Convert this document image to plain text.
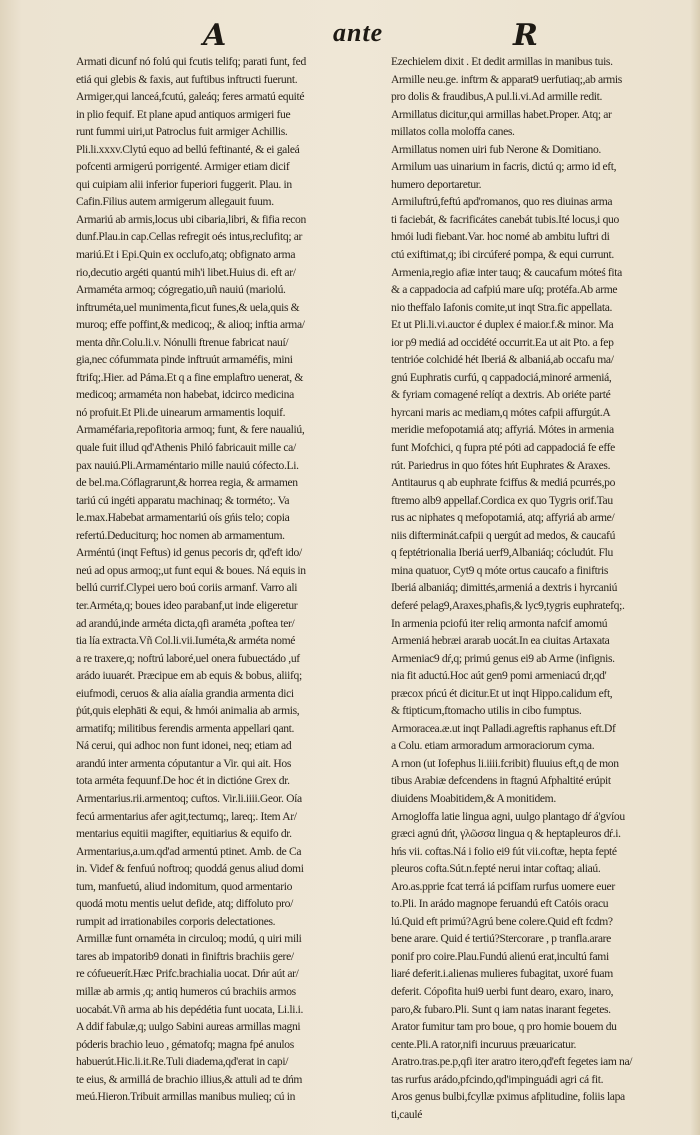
A	ante	R
Armati dicunf nó folú qui fcutis telifq; parati funt, fed
etiá qui glebis & faxis, aut fuftibus inftructi fuerunt.
Armiger,qui lanceá,fcutú, galeáq; feres armatú equité
in plio fequif. Et plane apud antiquos armigeri fue
runt fummi uiri,ut Patroclus fuit armiger Achillis.
Pli.li.xxxv.Clytú equo ad bellú feftinanté, & ei galeá
pofcenti armigerú porrigenté. Armiger etiam dicif
qui cuipiam alii inferior fuperiori fuggerit. Plau. in
Cafin.Filius autem armigerum allegauit fuum.
Armariú ab armis,locus ubi cibaria,libri, & fifia recon
dunf.Plau.in cap.Cellas refregit oés intus,reclufitq; ar
mariú.Et i Epi.Quin ex occlufo,atq; obfignato arma
rio,decutio argéti quantú mih'i libet.Huius di. eft ar/
Armaméta armoq; cógregatio,uñ nauiú (mariolú.
inftruméta,uel munimenta,ficut funes,& uela,quis &
muroq; effe poffint,& medicoq;, & alioq; inftia arma/
menta dñr.Colu.li.v. Nónulli ftrenue fabricat nauí/
gia,nec cófummata pinde inftruút armaméfis, mini
ftrifq;.Hier. ad Páma.Et q a fine emplaftro uenerat, &
medicoq; armaméta non habebat, idcirco medicina
nó profuit.Et Pli.de uinearum armamentis loquif.
Armaméfaria,repofitoria armoq; funt, & fere naualiú,
quale fuit illud qd'Athenis Philó fabricauit mille ca/
pax nauiú.Pli.Armaméntario mille nauiú cófecto.Li.
de bel.ma.Cóflagrarunt,& horrea regia, & armamen
tariú cú ingéti apparatu machinaq; & torméto;. Va
le.max.Habebat armamentariú oís gńis telo; copia
refertú.Deduciturq; hoc nomen ab armamentum.
Arméntú (inqt Feftus) id genus pecoris dr, qd'eft ido/
neú ad opus armoq;,ut funt equi & boues. Ná equis in
bellú currif.Clypei uero boú coriis armanf. Varro ali
ter.Arméta,q; boues ideo parabanf,ut inde eligeretur
ad arandú,inde arméta dicta,qfi araméta ,poftea ter/
tia lía extracta.Vñ Col.li.vii.Iuméta,& arméta nomé
a re traxere,q; noftrú laboré,uel onera fubuectádo ,uf
arádo iuuarét. Præcipue em ab equis & bobus, aliifq;
eiufmodi, ceruos & alia aíalia grandia armenta dici
ṗút,quis elephāti & equi, & hmói animalia ab armis,
armatifq; militibus ferendis armenta appellari qant.
Ná cerui, qui adhoc non funt idonei, neq; etiam ad
arandú inter armenta cóputantur a Vir. qui ait. Hos
tota arméta fequunf.De hoc ét in dictióne Grex dr.
Armentarius.rii.armentoq; cuftos. Vir.li.iiii.Geor. Oía
fecú armentarius afer agit,tectumq;, lareq;. Item Ar/
mentarius equitii magifter, equitiarius & equifo dr.
Armentarius,a.um.qd'ad armentú ptinet. Amb. de Ca
in. Videf & fenfuú noftroq; quoddá genus aliud domi
tum, manfuetú, aliud indomitum, quod armentario
quodá motu mentis uelut defide, atq; diffoluto pro/
rumpit ad irrationabiles corporis delectationes.
Armillæ funt ornaméta in circuloq; modú, q uiri mili
tares ab impatorib9 donati in finiftris brachiis gere/
re cófueuerít.Hæc Prifc.brachialia uocat. Dńr aút ar/
millæ ab armis ,q; antiq humeros cú brachiis armos
uocabát.Vñ arma ab his depédétia funt uocata, Li.li.i.
A ddif fabulæ,q; uulgo Sabini aureas armillas magni
póderis brachio leuo , gématofq; magna fpé anulos
habuerút.Hic.li.it.Re.Tuli diadema,qd'erat in capi/
te eius, & armillá de brachio illius,& attuli ad te dńm
meú.Hieron.Tribuit armillas manibus mulieq; cú in
Ezechielem dixit . Et dedit armillas in manibus tuis.
Armille neu.ge. inftrm & apparat9 uerfutiaq;,ab armis
pro dolis & fraudibus,A pul.li.vi.Ad armille redit.
Armillatus dicitur,qui armillas habet.Proper. Atq; ar
millatos colla moloffa canes.
Armillatus nomen uiri fub Nerone & Domitiano.
Armilum uas uinarium in facris, dictú q; armo id eft,
humero deportaretur.
Armiluftrú,feftú apd'romanos, quo res diuinas arma
ti faciebát, & facrificátes canebát tubis.Ité locus,i quo
hmói ludi fiebant.Var. hoc nomé ab ambitu luftri di
ctú exiftimat,q; ibi circúferé pompa, & equi currunt.
Armenia,regio afiæ inter tauq; & caucafum móteś fita
& a cappadocia ad cafpiú mare uſq; protéfa.Ab arme
nio theffalo Iafonis comite,ut inqt Stra.fic appellata.
Et ut Pli.li.vi.auctor é duplex é maior.f.& minor. Ma
ior p9 mediá ad occidété occurrit.Ea ut ait Pto. a fep
tentrióe colchidé hét Iberiá & albaniá,ab occafu ma/
gnú Euphratis curfú, q cappadociá,minoré armeniá,
& fyriam comagené relíqt a dextris. Ab oriéte parté
hyrcani maris ac mediam,q mótes cafpii affurgút.A
meridie mefopotamiá atq; affyriá. Mótes in armenia
funt Mofchici, q fupra pté póti ad cappadociá fe effe
rút. Pariedrus in quo fótes hńt Euphrates & Araxes.
Antitaurus q ab euphrate fciffus & mediá pcurrés,po
ftremo alb9 appellaf.Cordica ex quo Tygris orif.Tau
rus ac niphates q mefopotamiá, atq; affyriá ab arme/
niis difterminát.cafpii q uergút ad medos, & caucafú
q feptétrionalia Iberiá uerf9,Albaniáq; cócludút. Flu
mina quatuor, Cyt9 q móte ortus caucafo a finiftris
Iberiá albaniáq; dimittés,armeniá a dextris i hyrcaniú
deferé pelag9,Araxes,phafis,& lyc9,tygris euphratefq;.
In armenia pciofú iter reliq armonta nafcif amomú
Armeniá hebræi ararab uocát.In ea ciuitas Artaxata
Armeniac9 dŕ,q; primú genus ei9 ab Arme (infignis.
nia fit aductú.Hoc aút gen9 pomi armeniacú dr,qd'
præcox pńcú ét dicitur.Et ut inqt Hippo.calidum eft,
& ftipticum,ftomacho utilis in cibo fumptus.
Armoracea.æ.ut inqt Palladi.agreftis raphanus eft.Df
a Colu. etiam armoradum armoraciorum cyma.
A rnon (ut Iofephus li.iiii.fcribit) fluuius eft,q de mon
tibus Arabiæ defcendens in ftagnú Afphaltité erúpit
diuidens Moabitidem,& A monitidem.
Arnogloffa latie lingua agni, uulgo plantago dŕ á'gvíou
græci agnú dńt, γλῶσσα lingua q & heptapleuros dŕ.i.
hńs vii. coftas.Ná i folio ei9 fút vii.coftæ, hepta fepté
pleuros cofta.Sút.n.fepté nerui intar coftaq; aliaú.
Aro.as.pprie fcat terrá iá pcifſam rurfus uomere euer
to.Pli. In arádo magnope feruandú eft Catóis oracu
lú.Quid eft primú?Agrú bene colere.Quid eft fcdm?
bene arare. Quid é tertiú?Stercorare , p tranfla.arare
ponif pro coire.Plau.Fundú alienú erat,incultú fami
liaré deferit.i.alienas mulieres fubagitat, uxoré fuam
deferit. Cópofita hui9 uerbi funt dearo, exaro, inaro,
paro,& fubaro.Pli. Sunt q iam natas inarant fegetes.
Arator fumitur tam pro boue, q pro homie bouem du
cente.Pli.A rator,nifi incuruus præuaricatur.
Aratro.tras.pe.p,qfi iter aratro itero,qd'eft fegetes iam na/
tas rurfus arádo,pfcindo,qd'impinguádi agri cá fit.
Aros genus bulbi,fcyllæ pximus afplitudine, foliis lapa
ti,caulé
